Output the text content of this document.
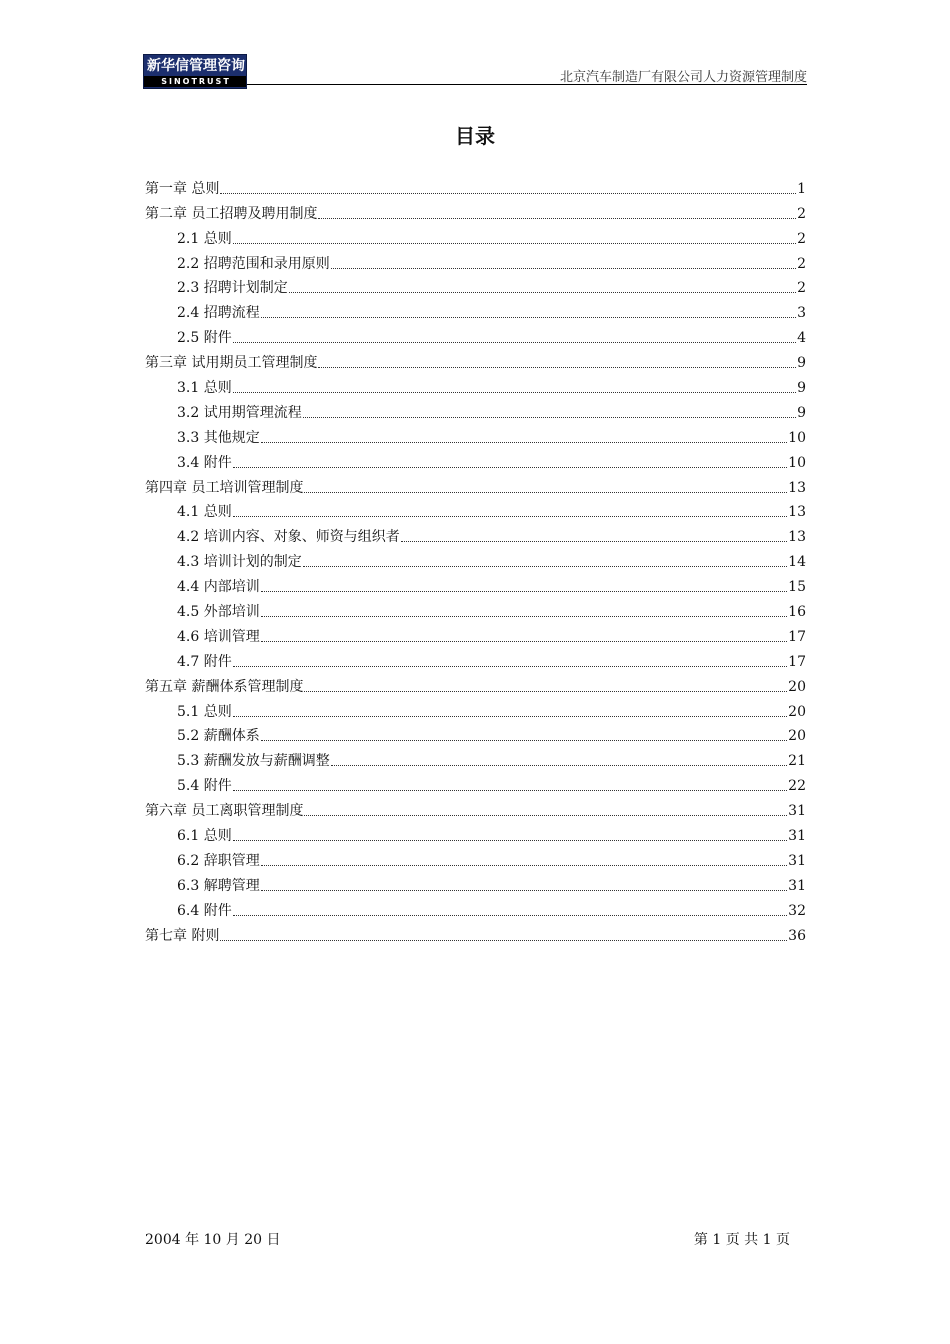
新华信管理咨询
SINOTRUST	北京汽车制造厂有限公司人力资源管理制度
目录
第一章 总则	1
第二章 员工招聘及聘用制度	2
2.1 总则	2
2.2 招聘范围和录用原则	2
2.3 招聘计划制定	2
2.4 招聘流程	3
2.5 附件	4
第三章 试用期员工管理制度	9
3.1 总则	9
3.2 试用期管理流程	9
3.3 其他规定	10
3.4 附件	10
第四章 员工培训管理制度	13
4.1 总则	13
4.2 培训内容、对象、师资与组织者	13
4.3 培训计划的制定	14
4.4 内部培训	15
4.5 外部培训	16
4.6 培训管理	17
4.7 附件	17
第五章 薪酬体系管理制度	20
5.1 总则	20
5.2 薪酬体系	20
5.3 薪酬发放与薪酬调整	21
5.4 附件	22
第六章 员工离职管理制度	31
6.1 总则	31
6.2 辞职管理	31
6.3 解聘管理	31
6.4 附件	32
第七章 附则	36
2004 年 10 月 20 日	第 1 页 共 1 页
